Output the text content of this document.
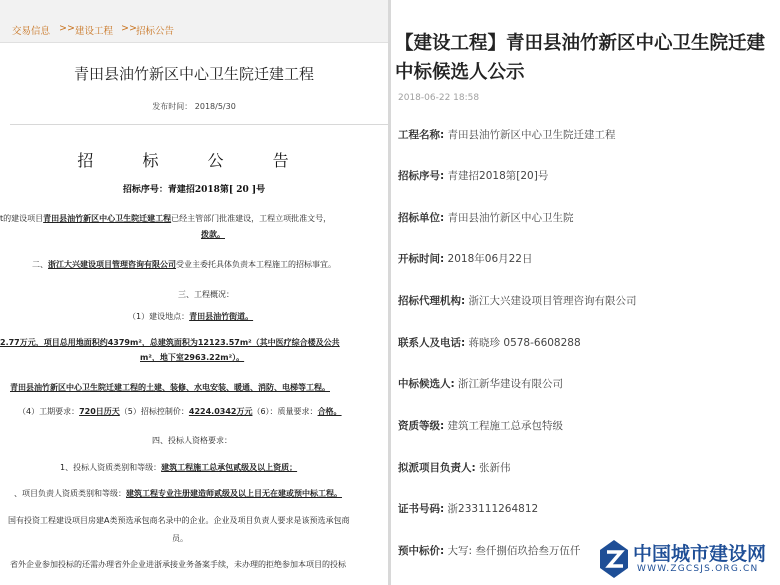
交易信息 >> 建设工程 >> 招标公告
青田县油竹新区中心卫生院迁建工程
发布时间： 2018/5/30
招 标 公 告
招标序号：青建招2018第[ 20 ]号
t的建设项目青田县油竹新区中心卫生院迁建工程已经主管部门批准建设，工程立项批准文号，
拨款。
二、浙江大兴建设项目管理咨询有限公司受业主委托具体负责本工程施工的招标事宜。
三、工程概况：
（1）建设地点：青田县油竹街道。
2.77万元，项目总用地面积约4379m²，总建筑面积为12123.57m²（其中医疗综合楼及公共
m²，地下室2963.22m²）。
青田县油竹新区中心卫生院迁建工程的土建、装修、水电安装、暖通、消防、电梯等工程。
（4）工期要求：720日历天（5）招标控制价：4224.0342万元（6）：质量要求：合格。
四、投标人资格要求：
1、投标人资质类别和等级：建筑工程施工总承包贰级及以上资质；
、项目负责人资质类别和等级：建筑工程专业注册建造师贰级及以上目无在建或预中标工程。
国有投资工程建设项目房建A类预选承包商名录中的企业。企业及项目负责人要求是该预选承包商
员。
省外企业参加投标的还需办理省外企业进浙承接业务备案手续，未办理的拒绝参加本项目的投标
【建设工程】青田县油竹新区中心卫生院迁建
中标候选人公示
2018-06-22 18:58
工程名称: 青田县油竹新区中心卫生院迁建工程
招标序号: 青建招2018第[20]号
招标单位: 青田县油竹新区中心卫生院
开标时间: 2018年06月22日
招标代理机构: 浙江大兴建设项目管理咨询有限公司
联系人及电话: 蒋晓珍 0578-6608288
中标候选人: 浙江新华建设有限公司
资质等级: 建筑工程施工总承包特级
拟派项目负责人: 张新伟
证书号码: 浙233111264812
预中标价: 大写: 叁仟捌佰玖拾叁万伍仟	中国城市建设网
WWW.ZGCSJS.ORG.CN
